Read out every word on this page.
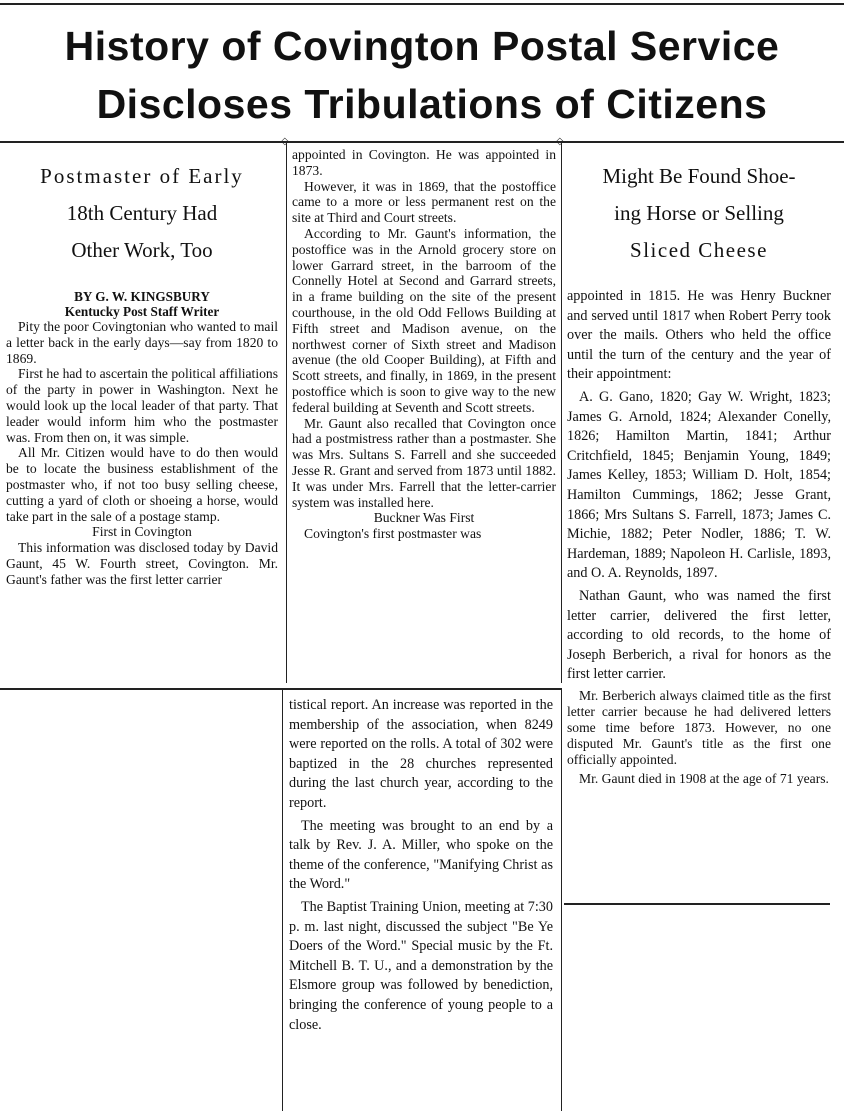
◇	◇
History of Covington Postal Service
Discloses Tribulations of Citizens
Postmaster of Early
18th Century Had
Other Work, Too

BY G. W. KINGSBURY

Kentucky Post Staff Writer

Pity the poor Covingtonian who wanted to mail a letter back in the early days—say from 1820 to 1869.

First he had to ascertain the political affiliations of the party in power in Washington. Next he would look up the local leader of that party. That leader would inform him who the postmaster was. From then on, it was simple.

All Mr. Citizen would have to do then would be to locate the business establishment of the postmaster who, if not too busy selling cheese, cutting a yard of cloth or shoeing a horse, would take part in the sale of a postage stamp.

First in Covington

This information was disclosed today by David Gaunt, 45 W. Fourth street, Covington. Mr. Gaunt's father was the first letter carrier

appointed in Covington. He was appointed in 1873.

However, it was in 1869, that the postoffice came to a more or less permanent rest on the site at Third and Court streets.

According to Mr. Gaunt's information, the postoffice was in the Arnold grocery store on lower Garrard street, in the barroom of the Connelly Hotel at Second and Garrard streets, in a frame building on the site of the present courthouse, in the old Odd Fellows Building at Fifth street and Madison avenue, on the northwest corner of Sixth street and Madison avenue (the old Cooper Building), at Fifth and Scott streets, and finally, in 1869, in the present postoffice which is soon to give way to the new federal building at Seventh and Scott streets.

Mr. Gaunt also recalled that Covington once had a postmistress rather than a postmaster. She was Mrs. Sultans S. Farrell and she succeeded Jesse R. Grant and served from 1873 until 1882. It was under Mrs. Farrell that the letter-carrier system was installed here.

Buckner Was First

Covington's first postmaster was

Might Be Found Shoe-
ing Horse or Selling
Sliced Cheese

appointed in 1815. He was Henry Buckner and served until 1817 when Robert Perry took over the mails. Others who held the office until the turn of the century and the year of their appointment:

A. G. Gano, 1820; Gay W. Wright, 1823; James G. Arnold, 1824; Alexander Conelly, 1826; Hamilton Martin, 1841; Arthur Critchfield, 1845; Benjamin Young, 1849; James Kelley, 1853; William D. Holt, 1854; Hamilton Cummings, 1862; Jesse Grant, 1866; Mrs Sultans S. Farrell, 1873; James C. Michie, 1882; Peter Nodler, 1886; T. W. Hardeman, 1889; Napoleon H. Carlisle, 1893, and O. A. Reynolds, 1897.

Nathan Gaunt, who was named the first letter carrier, delivered the first letter, according to old records, to the home of Joseph Berberich, a rival for honors as the first letter carrier.

Mr. Berberich always claimed title as the first letter carrier because he had delivered letters some time before 1873. However, no one disputed Mr. Gaunt's title as the first one officially appointed.

Mr. Gaunt died in 1908 at the age of 71 years.

tistical report. An increase was reported in the membership of the association, when 8249 were reported on the rolls. A total of 302 were baptized in the 28 churches represented during the last church year, according to the report.

The meeting was brought to an end by a talk by Rev. J. A. Miller, who spoke on the theme of the conference, "Manifying Christ as the Word."

The Baptist Training Union, meeting at 7:30 p. m. last night, discussed the subject "Be Ye Doers of the Word." Special music by the Ft. Mitchell B. T. U., and a demonstration by the Elsmore group was followed by benediction, bringing the conference of young people to a close.
